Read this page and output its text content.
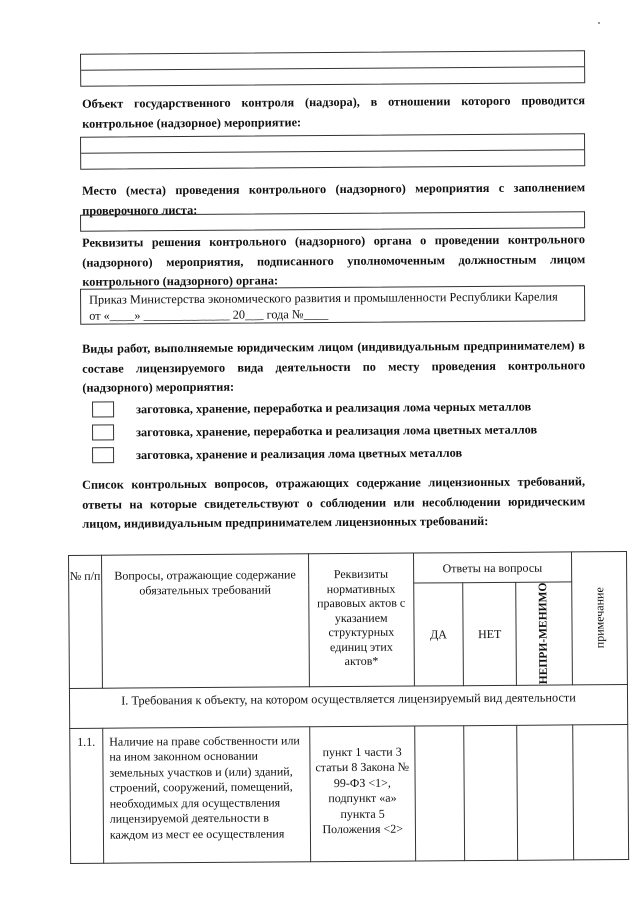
Объект государственного контроля (надзора), в отношении которого проводится контрольное (надзорное) мероприятие:
Место (места) проведения контрольного (надзорного) мероприятия с заполнением проверочного листа:
Реквизиты решения контрольного (надзорного) органа о проведении контрольного (надзорного) мероприятия, подписанного уполномоченным должностным лицом контрольного (надзорного) органа:
Приказ Министерства экономического развития и промышленности Республики Карелия
от «____» ______________ 20___ года №____
Виды работ, выполняемые юридическим лицом (индивидуальным предпринимателем) в составе лицензируемого вида деятельности по месту проведения контрольного (надзорного) мероприятия:
заготовка, хранение, переработка и реализация лома черных металлов
заготовка, хранение, переработка и реализация лома цветных металлов
заготовка, хранение и реализация лома цветных металлов
Список контрольных вопросов, отражающих содержание лицензионных требований, ответы на которые свидетельствуют о соблюдении или несоблюдении юридическим лицом, индивидуальным предпринимателем лицензионных требований:
№ п/п	Вопросы, отражающие содержание обязательных требований	Реквизиты нормативных правовых актов с указанием структурных единиц этих актов*	Ответы на вопросы			примечание

			ДА	НЕТ	НЕПРИ-МЕНИМО	

I. Требования к объекту, на котором осуществляется лицензируемый вид деятельности						
1.1.	Наличие на праве собственности или на ином законном основании земельных участков и (или) зданий, строений, сооружений, помещений, необходимых для осуществления лицензируемой деятельности в каждом из мест ее осуществления	пункт 1 части 3 статьи 8 Закона № 99-ФЗ <1>, подпункт «а» пункта 5 Положения <2>				
